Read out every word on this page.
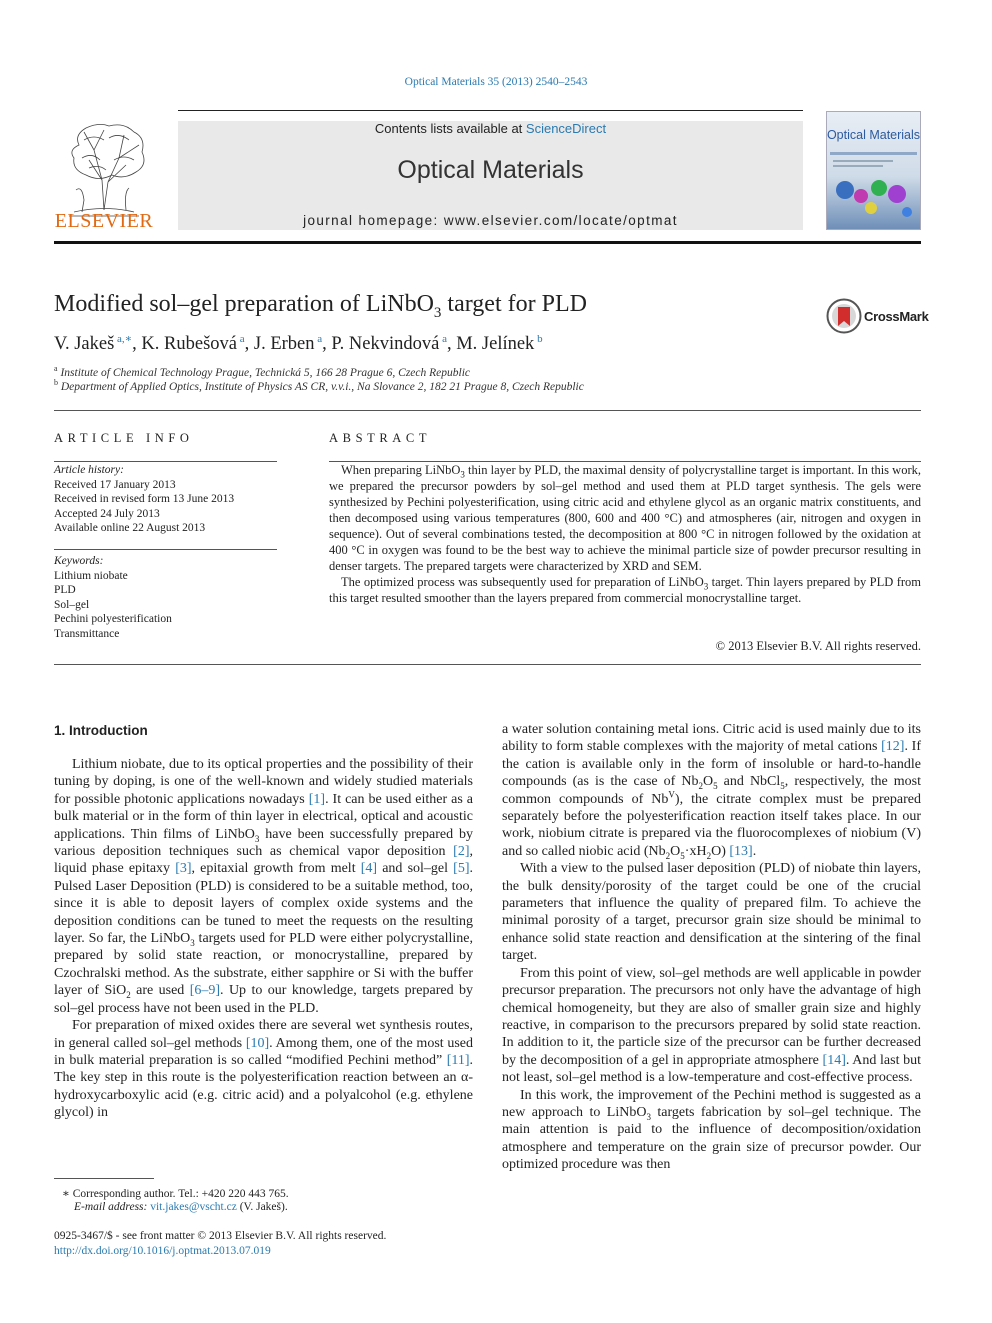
Optical Materials 35 (2013) 2540–2543
ELSEVIER
Contents lists available at ScienceDirect
Optical Materials
journal homepage: www.elsevier.com/locate/optmat
Optical Materials
Modified sol–gel preparation of LiNbO$_3$ target for PLD	CrossMark
V. Jakeš $^{a,∗}$, K. Rubešová $^a$, J. Erben $^a$, P. Nekvindová $^a$, M. Jelínek $^b$
$^a$ Institute of Chemical Technology Prague, Technická 5, 166 28 Prague 6, Czech Republic
$^b$ Department of Applied Optics, Institute of Physics AS CR, v.v.i., Na Slovance 2, 182 21 Prague 8, Czech Republic
ARTICLE INFO
Article history:
Received 17 January 2013
Received in revised form 13 June 2013
Accepted 24 July 2013
Available online 22 August 2013
Keywords:
Lithium niobate
PLD
Sol–gel
Pechini polyesterification
Transmittance
ABSTRACT

When preparing LiNbO$_3$ thin layer by PLD, the maximal density of polycrystalline target is important. In this work, we prepared the precursor powders by sol–gel method and used them at PLD target synthesis. The gels were synthesized by Pechini polyesterification, using citric acid and ethylene glycol as an organic matrix constituents, and then decomposed using various temperatures (800, 600 and 400 °C) and atmospheres (air, nitrogen and oxygen in sequence). Out of several combinations tested, the decomposition at 800 °C in nitrogen followed by the oxidation at 400 °C in oxygen was found to be the best way to achieve the minimal particle size of powder precursor resulting in denser targets. The prepared targets were characterized by XRD and SEM.

The optimized process was subsequently used for preparation of LiNbO$_3$ target. Thin layers prepared by PLD from this target resulted smoother than the layers prepared from commercial monocrystalline target.

© 2013 Elsevier B.V. All rights reserved.
1. Introduction

Lithium niobate, due to its optical properties and the possibility of their tuning by doping, is one of the well-known and widely studied materials for possible photonic applications nowadays [1]. It can be used either as a bulk material or in the form of thin layer in electrical, optical and acoustic applications. Thin films of LiNbO$_3$ have been successfully prepared by various deposition techniques such as chemical vapor deposition [2], liquid phase epitaxy [3], epitaxial growth from melt [4] and sol–gel [5]. Pulsed Laser Deposition (PLD) is considered to be a suitable method, too, since it is able to deposit layers of complex oxide systems and the deposition conditions can be tuned to meet the requests on the resulting layer. So far, the LiNbO$_3$ targets used for PLD were either polycrystalline, prepared by solid state reaction, or monocrystalline, prepared by Czochralski method. As the substrate, either sapphire or Si with the buffer layer of SiO$_2$ are used [6–9]. Up to our knowledge, targets prepared by sol–gel process have not been used in the PLD.

For preparation of mixed oxides there are several wet synthesis routes, in general called sol–gel methods [10]. Among them, one of the most used in bulk material preparation is so called “modified Pechini method” [11]. The key step in this route is the polyesterification reaction between an α-hydroxycarboxylic acid (e.g. citric acid) and a polyalcohol (e.g. ethylene glycol) in

a water solution containing metal ions. Citric acid is used mainly due to its ability to form stable complexes with the majority of metal cations [12]. If the cation is available only in the form of insoluble or hard-to-handle compounds (as is the case of $Nb_2O_5$ and NbCl$_5$, respectively, the most common compounds of $Nb^V$), the citrate complex must be prepared separately before the polyesterification reaction itself takes place. In our work, niobium citrate is prepared via the fluorocomplexes of niobium (V) and so called niobic acid $(Nb_2O_5\cdot xH_2O)$ [13].

With a view to the pulsed laser deposition (PLD) of niobate thin layers, the bulk density/porosity of the target could be one of the crucial parameters that influence the quality of prepared film. To achieve the minimal porosity of a target, precursor grain size should be minimal to enhance solid state reaction and densification at the sintering of the final target.

From this point of view, sol–gel methods are well applicable in powder precursor preparation. The precursors not only have the advantage of high chemical homogeneity, but they are also of smaller grain size and highly reactive, in comparison to the precursors prepared by solid state reaction. In addition to it, the particle size of the precursor can be further decreased by the decomposition of a gel in appropriate atmosphere [14]. And last but not least, sol–gel method is a low-temperature and cost-effective process.

In this work, the improvement of the Pechini method is suggested as a new approach to LiNbO$_3$ targets fabrication by sol–gel technique. The main attention is paid to the influence of decomposition/oxidation atmosphere and temperature on the grain size of precursor powder. Our optimized procedure was then

∗ Corresponding author. Tel.: +420 220 443 765.
E-mail address: vit.jakes@vscht.cz (V. Jakeš).
0925-3467/$ - see front matter © 2013 Elsevier B.V. All rights reserved.
http://dx.doi.org/10.1016/j.optmat.2013.07.019
